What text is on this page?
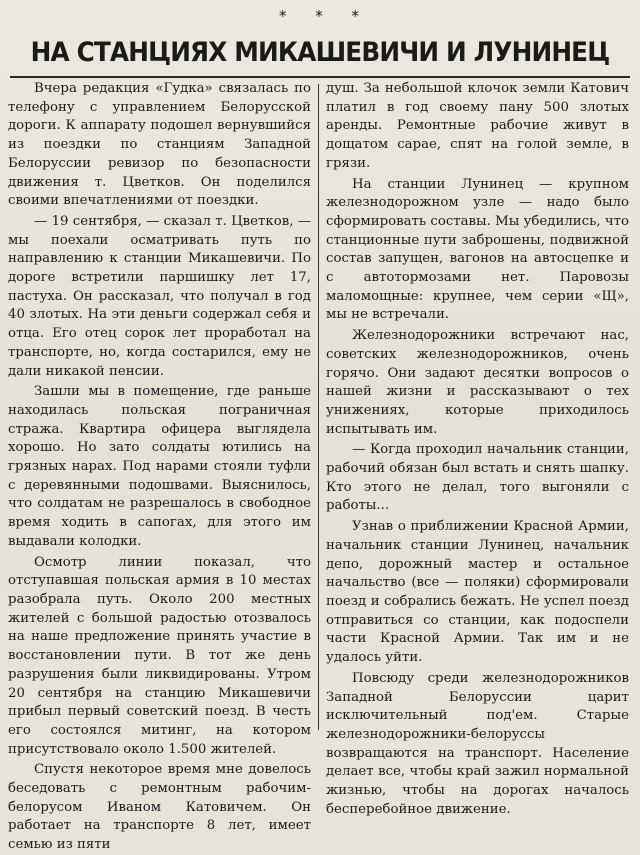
* * *
НА СТАНЦИЯХ МИКАШЕВИЧИ И ЛУНИНЕЦ

Вчера редакция «Гудка» связалась по телефону с управлением Белорусской дороги. К аппарату подошел вернувшийся из поездки по станциям Западной Белоруссии ревизор по безопасности движения т. Цветков. Он поделился своими впечатлениями от поездки.

— 19 сентября, — сказал т. Цветков, — мы поехали осматривать путь по направлению к станции Микашевичи. По дороге встретили паршишку лет 17, пастуха. Он рассказал, что получал в год 40 злотых. На эти деньги содержал себя и отца. Его отец сорок лет проработал на транспорте, но, когда состарился, ему не дали никакой пенсии.

Зашли мы в помещение, где раньше находилась польская пограничная стража. Квартира офицера выглядела хорошо. Но зато солдаты ютились на грязных нарах. Под нарами стояли туфли с деревянными подошвами. Выяснилось, что солдатам не разрешалось в свободное время ходить в сапогах, для этого им выдавали колодки.

Осмотр линии показал, что отступавшая польская армия в 10 местах разобрала путь. Около 200 местных жителей с большой радостью отозвалось на наше предложение принять участие в восстановлении пути. В тот же день разрушения были ликвидированы. Утром 20 сентября на станцию Микашевичи прибыл первый советский поезд. В честь его состоялся митинг, на котором присутствовало около 1.500 жителей.

Спустя некоторое время мне довелось беседовать с ремонтным рабочим-белорусом Иваном Катовичем. Он работает на транспорте 8 лет, имеет семью из пяти

душ. За небольшой клочок земли Катович платил в год своему пану 500 злотых аренды. Ремонтные рабочие живут в дощатом сарае, спят на голой земле, в грязи.

На станции Лунинец — крупном железнодорожном узле — надо было сформировать составы. Мы убедились, что станционные пути заброшены, подвижной состав запущен, вагонов на автосцепке и с автотормозами нет. Паровозы маломощные: крупнее, чем серии «Щ», мы не встречали.

Железнодорожники встречают нас, советских железнодорожников, очень горячо. Они задают десятки вопросов о нашей жизни и рассказывают о тех унижениях, которые приходилось испытывать им.

— Когда проходил начальник станции, рабочий обязан был встать и снять шапку. Кто этого не делал, того выгоняли с работы...

Узнав о приближении Красной Армии, начальник станции Лунинец, начальник депо, дорожный мастер и остальное начальство (все — поляки) сформировали поезд и собрались бежать. Не успел поезд отправиться со станции, как подоспели части Красной Армии. Так им и не удалось уйти.

Повсюду среди железнодорожников Западной Белоруссии царит исключительный под'ем. Старые железнодорожники-белоруссы возвращаются на транспорт. Население делает все, чтобы край зажил нормальной жизнью, чтобы на дорогах началось бесперебойное движение.
